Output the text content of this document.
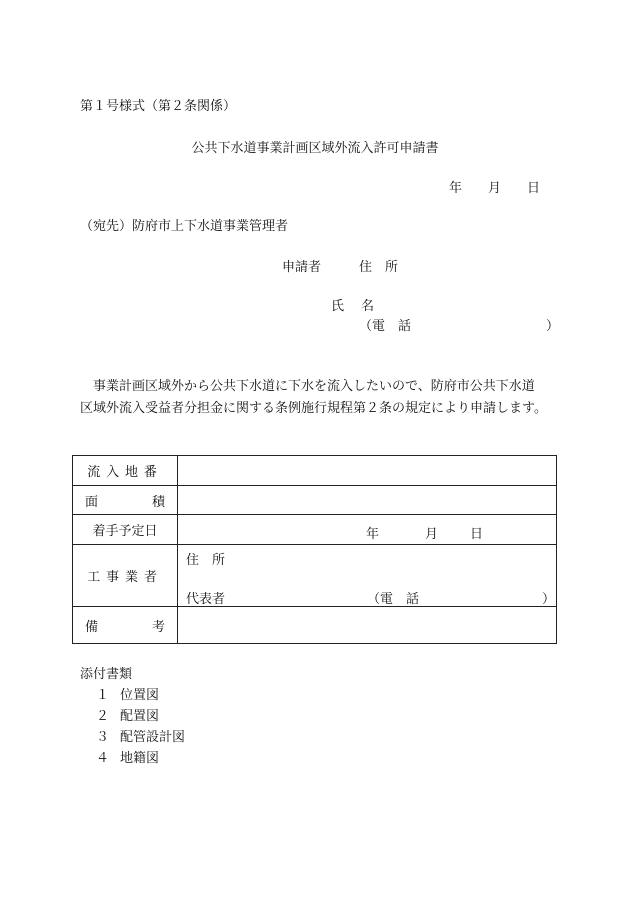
第１号様式（第２条関係）
公共下水道事業計画区域外流入許可申請書
年 月 日
（宛先）防府市上下水道事業管理者
申請者	住　所
氏 名
（電　話	）

事業計画区域外から公共下水道に下水を流入したいので、防府市公共下水道

区域外流入受益者分担金に関する条例施行規程第２条の規定により申請します。

流入地番	
面 積	
着手予定日	年 月 日

工事業者	住　所
代表者 （電　話 ）

備 考	
添付書類
１ 位置図
２ 配置図
３ 配管設計図
４ 地籍図
